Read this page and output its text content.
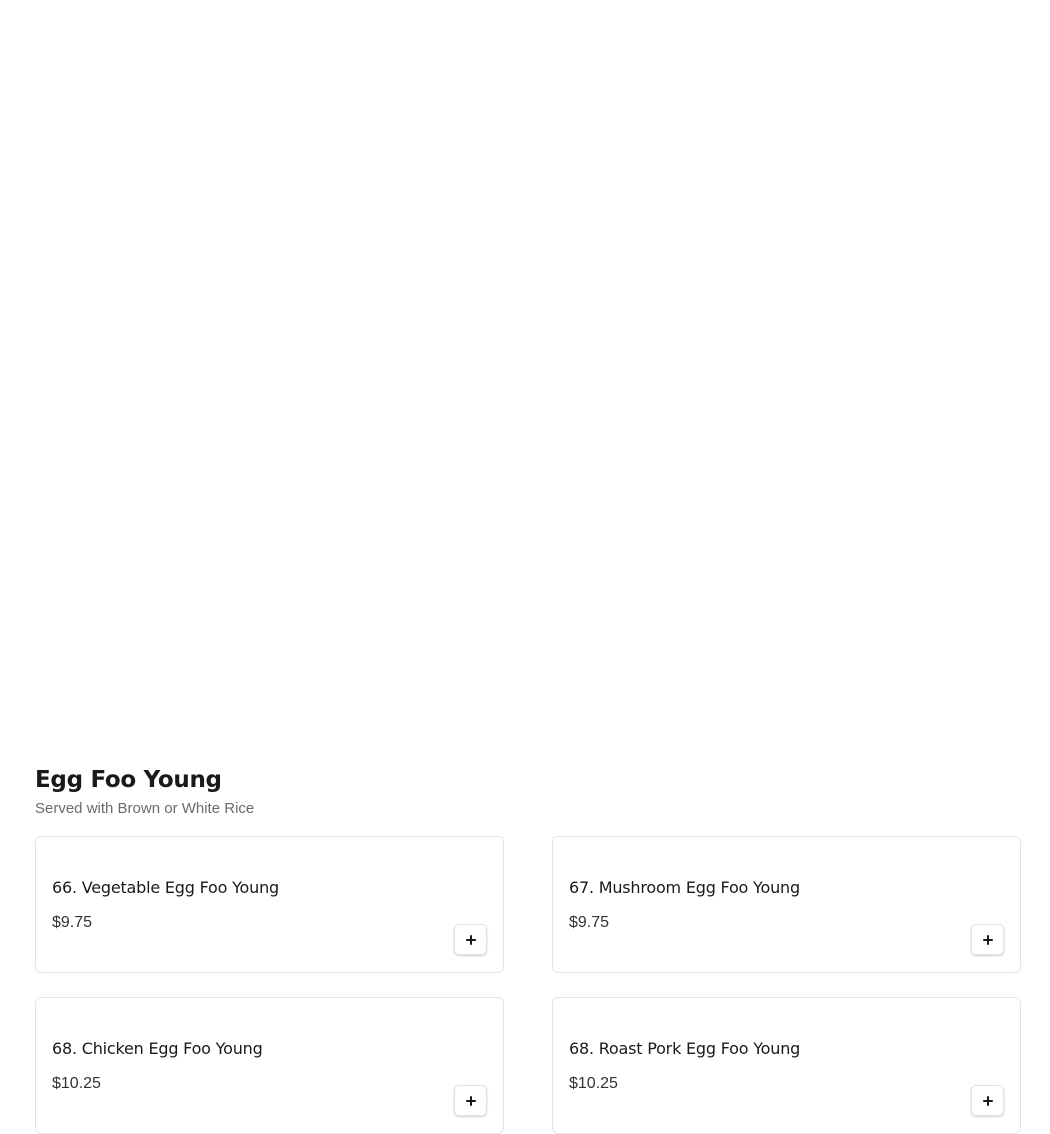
Egg Foo Young

Served with Brown or White Rice

66. Vegetable Egg Foo Young
$9.75
67. Mushroom Egg Foo Young
$9.75
68. Chicken Egg Foo Young
$10.25
68. Roast Pork Egg Foo Young
$10.25
